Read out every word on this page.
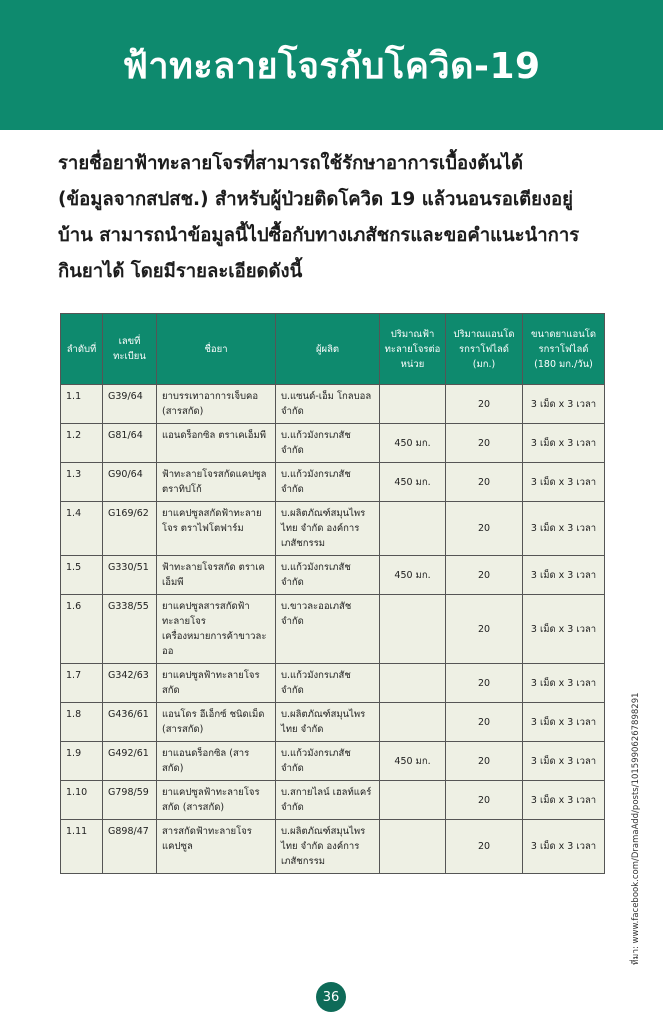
ฟ้าทะลายโจรกับโควิด-19

รายชื่อยาฟ้าทะลายโจรที่สามารถใช้รักษาอาการเบื้องต้นได้

(ข้อมูลจากสปสช.) สำหรับผู้ป่วยติดโควิด 19 แล้วนอนรอเตียงอยู่

บ้าน สามารถนำข้อมูลนี้ไปซื้อกับทางเภสัชกรและขอคำแนะนำการ

กินยาได้ โดยมีรายละเอียดดังนี้

ลำดับที่	เลขที่ทะเบียน	ชื่อยา	ผู้ผลิต	ปริมาณฟ้าทะลายโจรต่อหน่วย	ปริมาณแอนโดรกราโฟไลด์ (มก.)	ขนาดยาแอนโดรกราโฟไลด์ (180 มก./วัน)
1.1	G39/64	ยาบรรเทาอาการเจ็บคอ (สารสกัด)	บ.แซนด์-เอ็ม โกลบอล จำกัด		20	3 เม็ด x 3 เวลา
1.2	G81/64	แอนดร็อกซิล ตราเคเอ็มพี	บ.แก้วมังกรเภสัช จำกัด	450 มก.	20	3 เม็ด x 3 เวลา
1.3	G90/64	ฟ้าทะลายโจรสกัดแคปซูล ตราทิปโก้	บ.แก้วมังกรเภสัช จำกัด	450 มก.	20	3 เม็ด x 3 เวลา
1.4	G169/62	ยาแคปซูลสกัดฟ้าทะลายโจร ตราไฟโตฟาร์ม	บ.ผลิตภัณฑ์สมุนไพรไทย จำกัด องค์การเภสัชกรรม		20	3 เม็ด x 3 เวลา
1.5	G330/51	ฟ้าทะลายโจรสกัด ตราเคเอ็มพี	บ.แก้วมังกรเภสัช จำกัด	450 มก.	20	3 เม็ด x 3 เวลา
1.6	G338/55	ยาแคปซูลสารสกัดฟ้าทะลายโจร เครื่องหมายการค้าขาวละออ	บ.ขาวละออเภสัช จำกัด		20	3 เม็ด x 3 เวลา
1.7	G342/63	ยาแคปซูลฟ้าทะลายโจรสกัด	บ.แก้วมังกรเภสัช จำกัด		20	3 เม็ด x 3 เวลา
1.8	G436/61	แอนโดร อีเอ็กซ์ ชนิดเม็ด (สารสกัด)	บ.ผลิตภัณฑ์สมุนไพรไทย จำกัด		20	3 เม็ด x 3 เวลา
1.9	G492/61	ยาแอนดร็อกซิล (สารสกัด)	บ.แก้วมังกรเภสัช จำกัด	450 มก.	20	3 เม็ด x 3 เวลา
1.10	G798/59	ยาแคปซูลฟ้าทะลายโจรสกัด (สารสกัด)	บ.สกายไลน์ เฮลท์แคร์ จำกัด		20	3 เม็ด x 3 เวลา
1.11	G898/47	สารสกัดฟ้าทะลายโจรแคปซูล	บ.ผลิตภัณฑ์สมุนไพรไทย จำกัด องค์การเภสัชกรรม		20	3 เม็ด x 3 เวลา
36
ที่มา: www.facebook.com/DramaAdd/posts/1015990626789829​1
